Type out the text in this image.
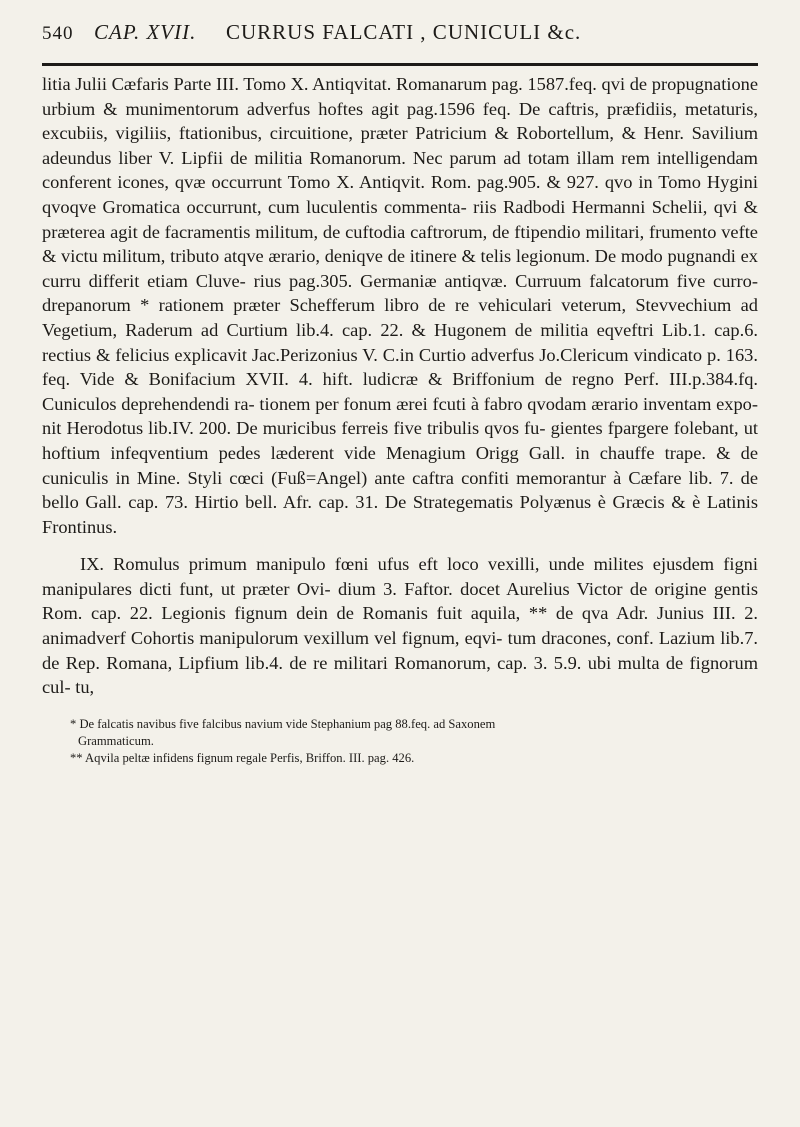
540 CAP. XVII.	CURRUS FALCATI , CUNICULI &c.

litia Julii Cæfaris Parte III. Tomo X. Antiqvitat. Romanarum pag. 1587.feq. qvi de propugnatione urbium & munimentorum adverfus hoftes agit pag.1596 feq. De caftris, præfidiis, metaturis, excubiis, vigiliis, ftationibus, circuitione, præter Patricium & Robortellum, & Henr. Savilium adeundus liber V. Lipfii de militia Romanorum. Nec parum ad totam illam rem intelligendam conferent icones, qvæ occurrunt Tomo X. Antiqvit. Rom. pag.905. & 927. qvo in Tomo Hygini qvoqve Gromatica occurrunt, cum luculentis commenta- riis Radbodi Hermanni Schelii, qvi & præterea agit de facramentis militum, de cuftodia caftrorum, de ftipendio militari, frumento vefte & victu militum, tributo atqve ærario, deniqve de itinere & telis legionum. De modo pugnandi ex curru differit etiam Cluve- rius pag.305. Germaniæ antiqvæ. Curruum falcatorum five curro- drepanorum * rationem præter Schefferum libro de re vehiculari veterum, Stevvechium ad Vegetium, Raderum ad Curtium lib.4. cap. 22. & Hugonem de militia eqveftri Lib.1. cap.6. rectius & felicius explicavit Jac.Perizonius V. C.in Curtio adverfus Jo.Clericum vindicato p. 163. feq. Vide & Bonifacium XVII. 4. hift. ludicræ & Briffonium de regno Perf. III.p.384.fq. Cuniculos deprehendendi ra- tionem per fonum ærei fcuti à fabro qvodam ærario inventam expo- nit Herodotus lib.IV. 200. De muricibus ferreis five tribulis qvos fu- gientes fpargere folebant, ut hoftium infeqventium pedes læderent vide Menagium Origg Gall. in chauffe trape. & de cuniculis in Mine. Styli cœci (Fuß=Angel) ante caftra confiti memorantur à Cæfare lib. 7. de bello Gall. cap. 73. Hirtio bell. Afr. cap. 31. De Strategematis Polyænus è Græcis & è Latinis Frontinus.

IX. Romulus primum manipulo fœni ufus eft loco vexilli, unde milites ejusdem figni manipulares dicti funt, ut præter Ovi- dium 3. Faftor. docet Aurelius Victor de origine gentis Rom. cap. 22. Legionis fignum dein de Romanis fuit aquila, ** de qva Adr. Junius III. 2. animadverf Cohortis manipulorum vexillum vel fignum, eqvi- tum dracones, conf. Lazium lib.7. de Rep. Romana, Lipfium lib.4. de re militari Romanorum, cap. 3. 5.9. ubi multa de fignorum cul- tu,

* De falcatis navibus five falcibus navium vide Stephanium pag 88.feq. ad Saxonem

Grammaticum.

** Aqvila peltæ infidens fignum regale Perfis, Briffon. III. pag. 426.
